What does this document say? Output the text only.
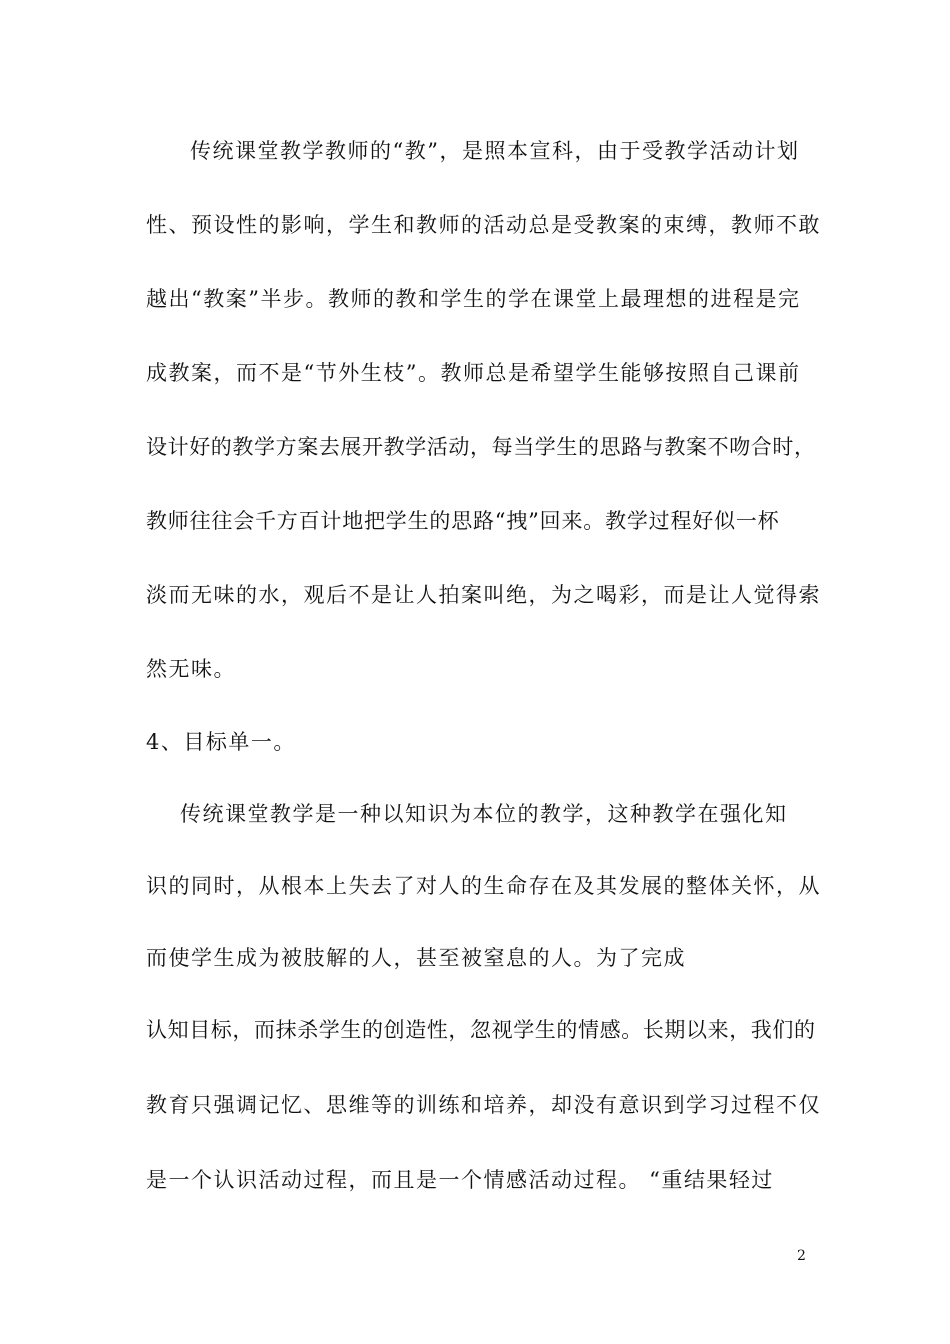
传统课堂教学教师的“教”，是照本宣科，由于受教学活动计划
性、预设性的影响，学生和教师的活动总是受教案的束缚，教师不敢
越出“教案”半步。教师的教和学生的学在课堂上最理想的进程是完
成教案，而不是“节外生枝”。教师总是希望学生能够按照自己课前
设计好的教学方案去展开教学活动，每当学生的思路与教案不吻合时，
教师往往会千方百计地把学生的思路“拽”回来。教学过程好似一杯
淡而无味的水，观后不是让人拍案叫绝，为之喝彩，而是让人觉得索
然无味。
4、目标单一。
传统课堂教学是一种以知识为本位的教学，这种教学在强化知
识的同时，从根本上失去了对人的生命存在及其发展的整体关怀，从
而使学生成为被肢解的人，甚至被窒息的人。为了完成
认知目标，而抹杀学生的创造性，忽视学生的情感。长期以来，我们的
教育只强调记忆、思维等的训练和培养，却没有意识到学习过程不仅
是一个认识活动过程，而且是一个情感活动过程。 “重结果轻过
2
